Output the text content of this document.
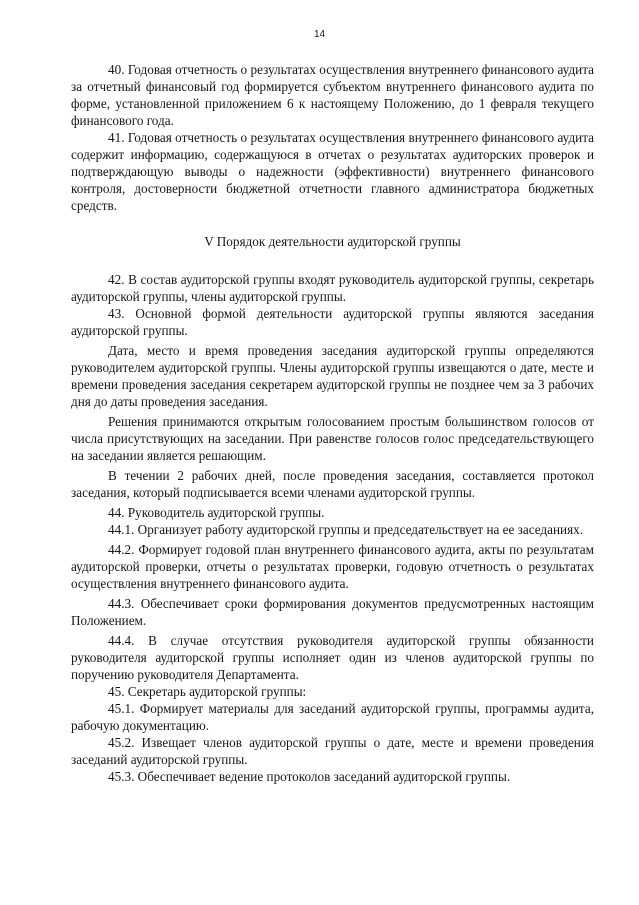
14

40. Годовая отчетность о результатах осуществления внутреннего финансового аудита за отчетный финансовый год формируется субъектом внутреннего финансового аудита по форме, установленной приложением 6 к настоящему Положению, до 1 февраля текущего финансового года.

41. Годовая отчетность о результатах осуществления внутреннего финансового аудита содержит информацию, содержащуюся в отчетах о результатах аудиторских проверок и подтверждающую выводы о надежности (эффективности) внутреннего финансового контроля, достоверности бюджетной отчетности главного администратора бюджетных средств.

V Порядок деятельности аудиторской группы

42. В состав аудиторской группы входят руководитель аудиторской группы, секретарь аудиторской группы, члены аудиторской группы.

43. Основной формой деятельности аудиторской группы являются заседания аудиторской группы.

Дата, место и время проведения заседания аудиторской группы определяются руководителем аудиторской группы. Члены аудиторской группы извещаются о дате, месте и времени проведения заседания секретарем аудиторской группы не позднее чем за 3 рабочих дня до даты проведения заседания.

Решения принимаются открытым голосованием простым большинством голосов от числа присутствующих на заседании. При равенстве голосов голос председательствующего на заседании является решающим.

В течении 2 рабочих дней, после проведения заседания, составляется протокол заседания, который подписывается всеми членами аудиторской группы.

44. Руководитель аудиторской группы.

44.1. Организует работу аудиторской группы и председательствует на ее заседаниях.

44.2. Формирует годовой план внутреннего финансового аудита, акты по результатам аудиторской проверки, отчеты о результатах проверки, годовую отчетность о результатах осуществления внутреннего финансового аудита.

44.3. Обеспечивает сроки формирования документов предусмотренных настоящим Положением.

44.4. В случае отсутствия руководителя аудиторской группы обязанности руководителя аудиторской группы исполняет один из членов аудиторской группы по поручению руководителя Департамента.

45. Секретарь аудиторской группы:

45.1. Формирует материалы для заседаний аудиторской группы, программы аудита, рабочую документацию.

45.2. Извещает членов аудиторской группы о дате, месте и времени проведения заседаний аудиторской группы.

45.3. Обеспечивает ведение протоколов заседаний аудиторской группы.
